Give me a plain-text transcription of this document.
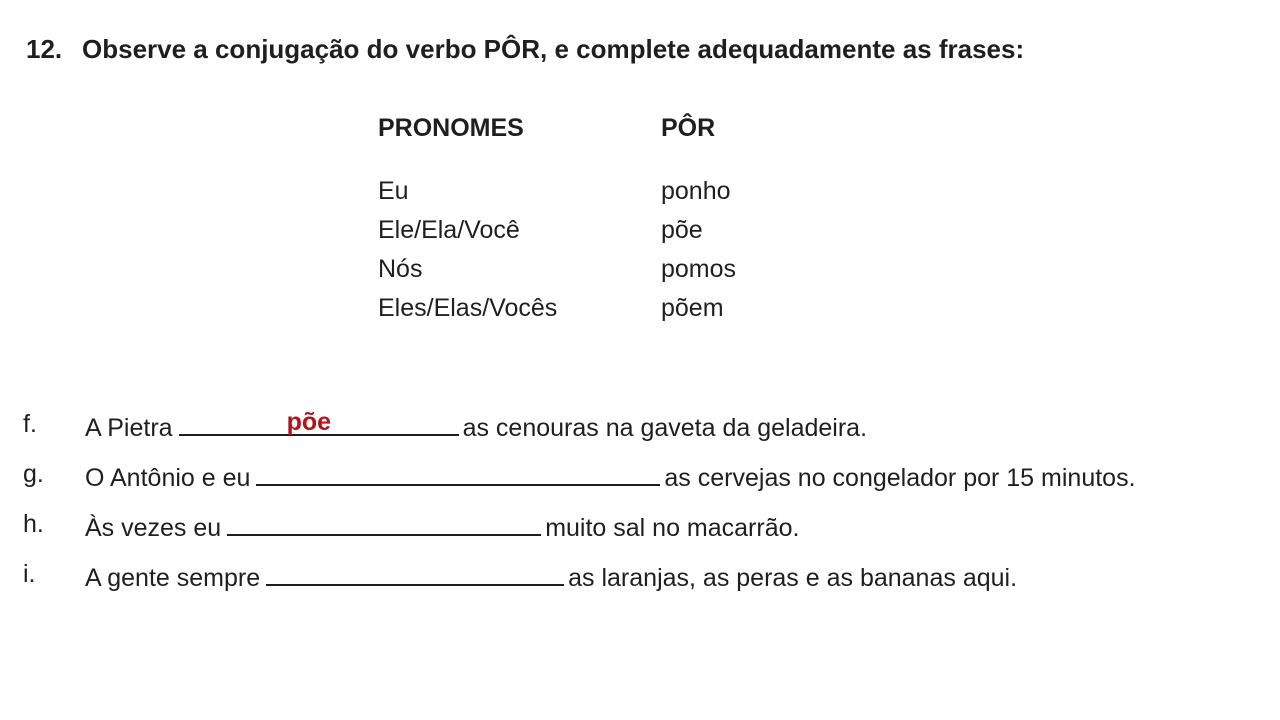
12. Observe a conjugação do verbo PÔR, e complete adequadamente as frases:
PRONOMES	PÔR
Eu	ponho
Ele/Ela/Você	põe
Nós	pomos
Eles/Elas/Vocês	põem
f. A Pietra	põe	as cenouras na gaveta da geladeira.
g. O Antônio e eu	as cervejas no congelador por 15 minutos.
h. Às vezes eu	muito sal no macarrão.
i. A gente sempre	as laranjas, as peras e as bananas aqui.
